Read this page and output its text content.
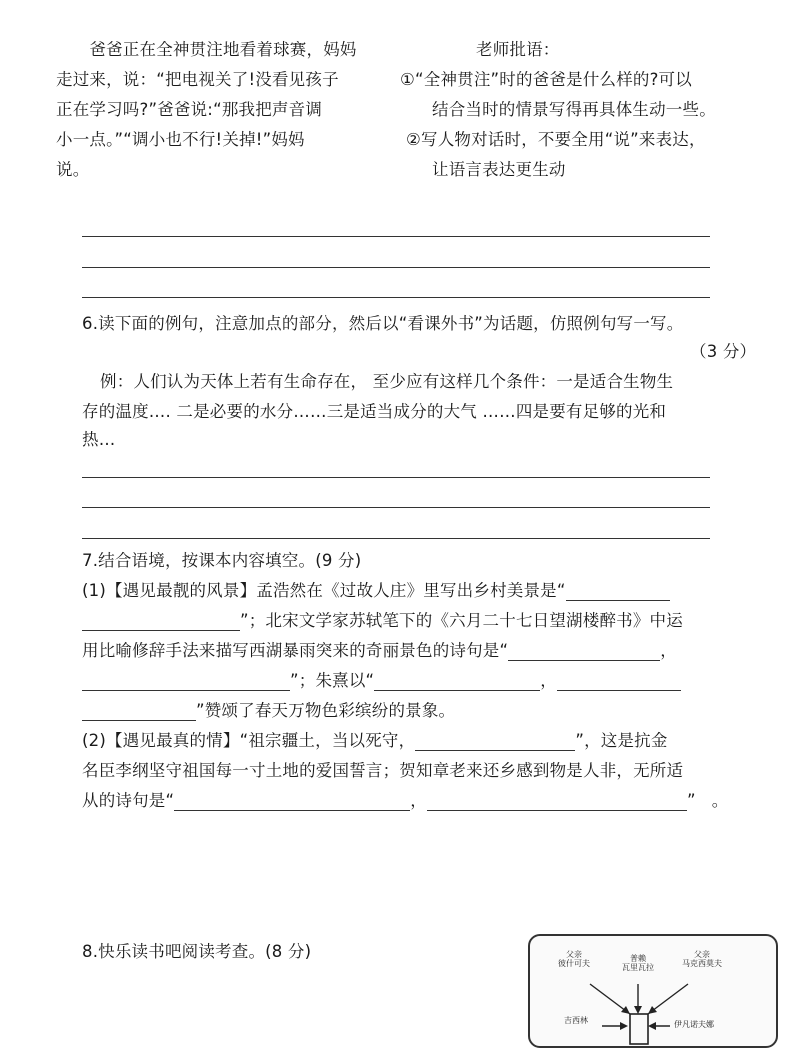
　　爸爸正在全神贯注地看着球赛，妈妈
走过来，说：“把电视关了!没看见孩子
正在学习吗?”爸爸说:“那我把声音调
小一点。”“调小也不行!关掉!”妈妈
说。
老师批语：
①“全神贯注”时的爸爸是什么样的?可以
结合当时的情景写得再具体生动一些。
②写人物对话时，不要全用“说”来表达，
让语言表达更生动
6.读下面的例句，注意加点的部分，然后以“看课外书”为话题，仿照例句写一写。
（3 分）
例：人们认为天体上若有生命存在， 至少应有这样几个条件：一是适合生物生
存的温度…. 二是必要的水分……三是适当成分的大气 ……四是要有足够的光和
热…
7.结合语境，按课本内容填空。(9 分)
(1)【遇见最靓的风景】孟浩然在《过故人庄》里写出乡村美景是“
”；北宋文学家苏轼笔下的《六月二十七日望湖楼醉书》中运
用比喻修辞手法来描写西湖暴雨突来的奇丽景色的诗句是“	，
”；朱熹以“	，
”赞颂了春天万物色彩缤纷的景象。
(2)【遇见最真的情】“祖宗疆土，当以死守，	”，这是抗金
名臣李纲坚守祖国每一寸土地的爱国誓言；贺知章老来还乡感到物是人非，无所适
从的诗句是“	，	” 。
8.快乐读书吧阅读考查。(8 分)	父亲
彼什可夫
普赖
瓦里瓦拉
父亲
马克西莫夫
吉西林	伊凡诺夫娜
